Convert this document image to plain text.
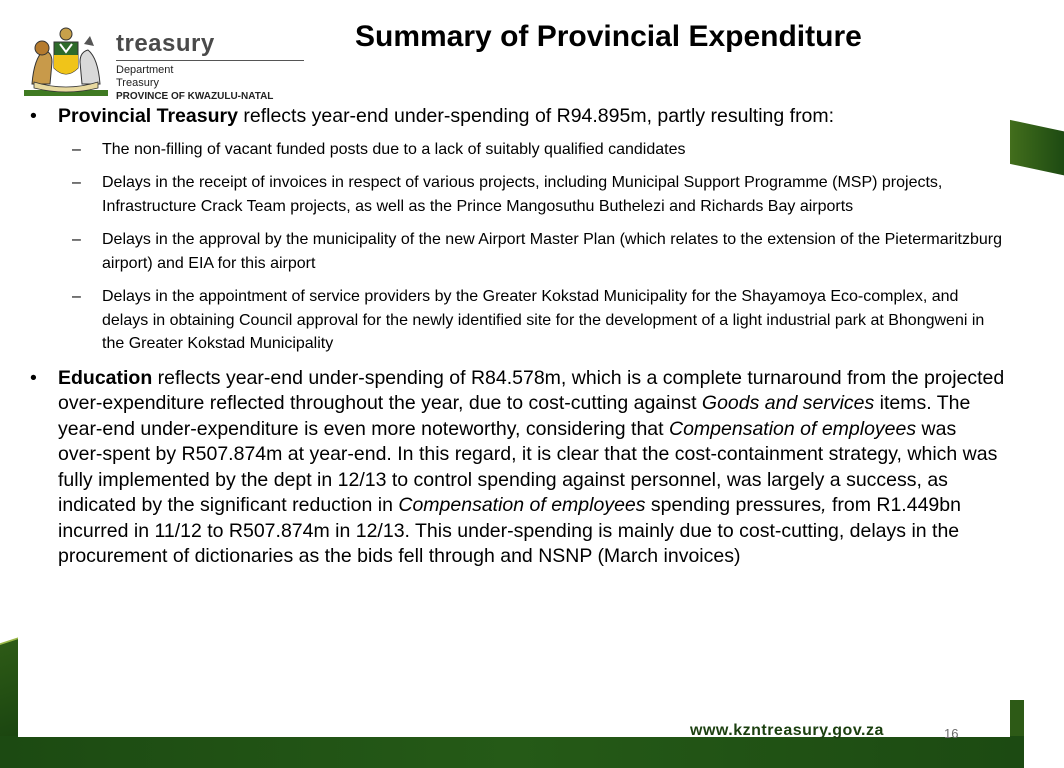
treasury
Department
Treasury
PROVINCE OF KWAZULU-NATAL
Summary of Provincial Expenditure
• Provincial Treasury reflects year-end under-spending of R94.895m, partly resulting from:
– The non-filling of vacant funded posts due to a lack of suitably qualified candidates
– Delays in the receipt of invoices in respect of various projects, including Municipal Support Programme (MSP) projects, Infrastructure Crack Team projects, as well as the Prince Mangosuthu Buthelezi and Richards Bay airports
– Delays in the approval by the municipality of the new Airport Master Plan (which relates to the extension of the Pietermaritzburg airport) and EIA for this airport
– Delays in the appointment of service providers by the Greater Kokstad Municipality for the Shayamoya Eco-complex, and delays in obtaining Council approval for the newly identified site for the development of a light industrial park at Bhongweni in the Greater Kokstad Municipality
• Education reflects year-end under-spending of R84.578m, which is a complete turnaround from the projected over-expenditure reflected throughout the year, due to cost-cutting against Goods and services items. The year-end under-expenditure is even more noteworthy, considering that Compensation of employees was over-spent by R507.874m at year-end. In this regard, it is clear that the cost-containment strategy, which was fully implemented by the dept in 12/13 to control spending against personnel, was largely a success, as indicated by the significant reduction in Compensation of employees spending pressures, from R1.449bn incurred in 11/12 to R507.874m in 12/13. This under-spending is mainly due to cost-cutting, delays in the procurement of dictionaries as the bids fell through and NSNP (March invoices)
www.kzntreasury.gov.za	16
